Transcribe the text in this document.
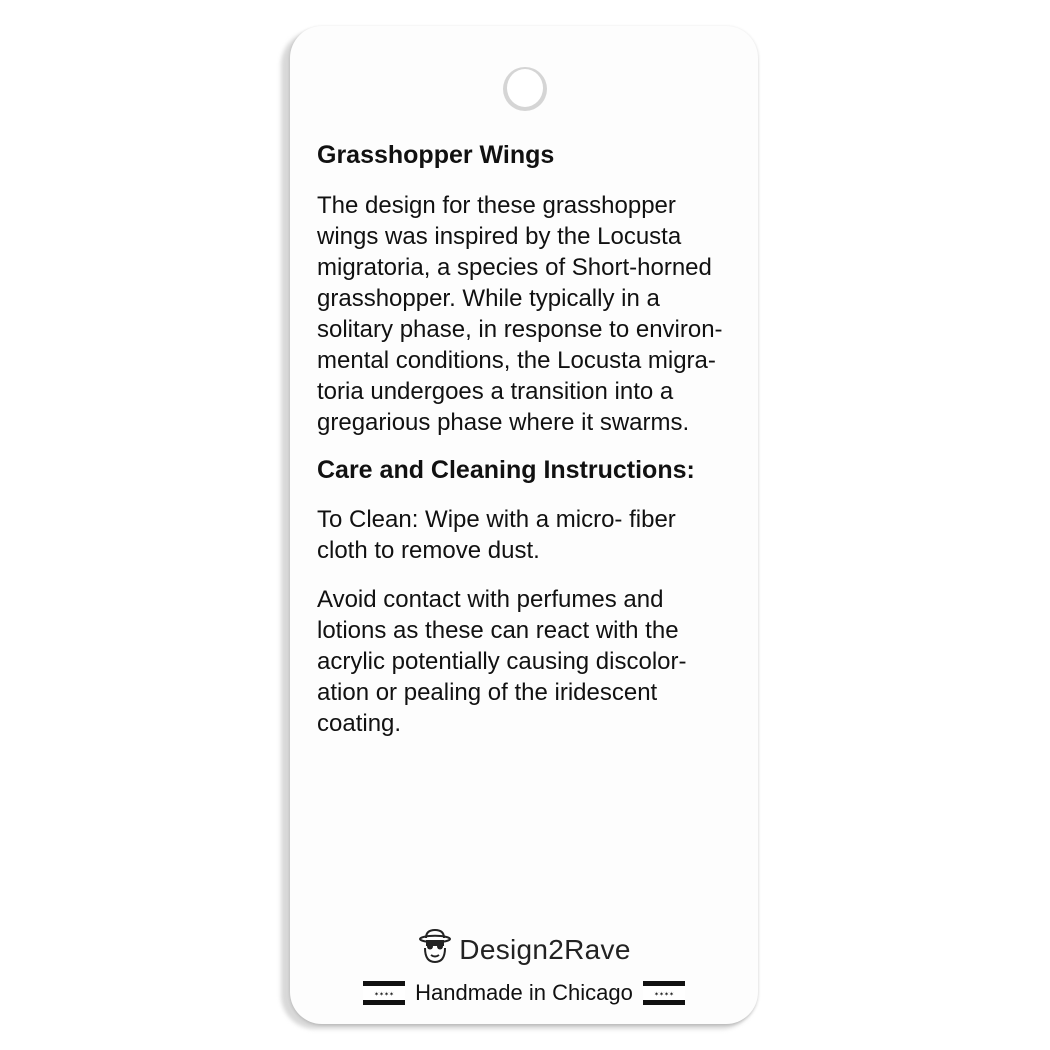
Grasshopper Wings

The design for these grasshopper
wings was inspired by the Locusta
migratoria, a species of Short-horned
grasshopper. While typically in a
solitary phase, in response to environ-
mental conditions, the Locusta migra-
toria undergoes a transition into a
gregarious phase where it swarms.

Care and Cleaning Instructions:

To Clean: Wipe with a micro- fiber
cloth to remove dust.

Avoid contact with perfumes and
lotions as these can react with the
acrylic potentially causing discolor-
ation or pealing of the iridescent
coating.

Design2Rave
✶✶✶✶ Handmade in Chicago	✶✶✶✶
